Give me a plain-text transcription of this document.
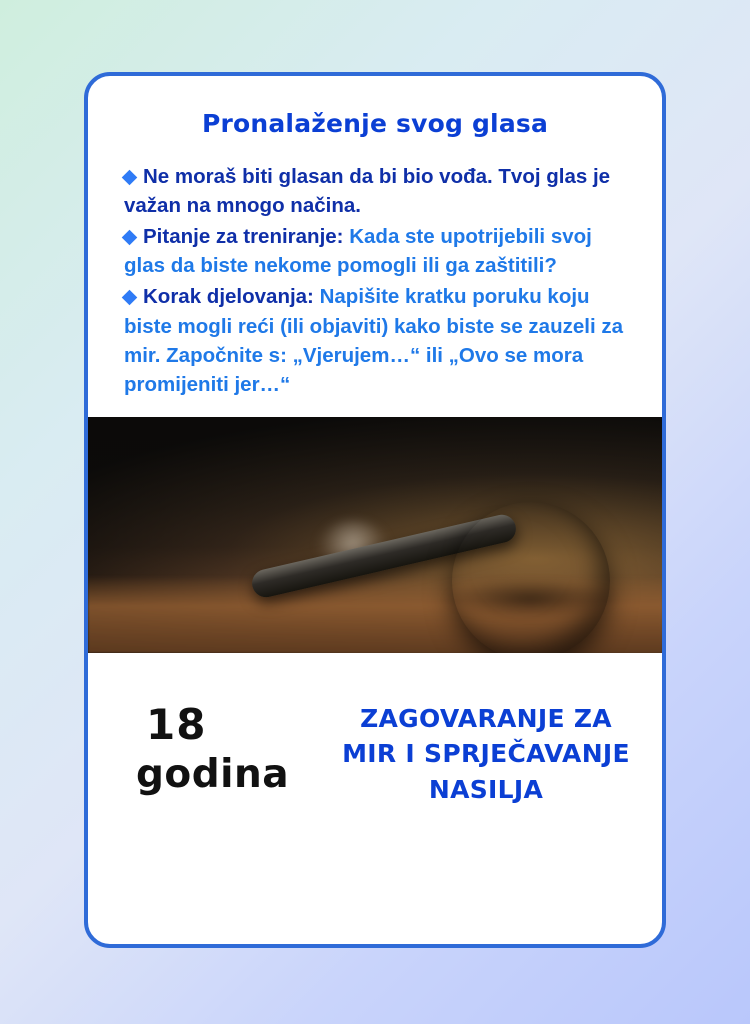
Pronalaženje svog glasa
Ne moraš biti glasan da bi bio vođa. Tvoj glas je važan na mnogo načina.
Pitanje za treniranje: Kada ste upotrijebili svoj glas da biste nekome pomogli ili ga zaštitili?
Korak djelovanja: Napišite kratku poruku koju biste mogli reći (ili objaviti) kako biste se zauzeli za mir. Započnite s: „Vjerujem…“ ili „Ovo se mora promijeniti jer…“
18
godina
ZAGOVARANJE ZA MIR I SPRJEČAVANJE NASILJA
